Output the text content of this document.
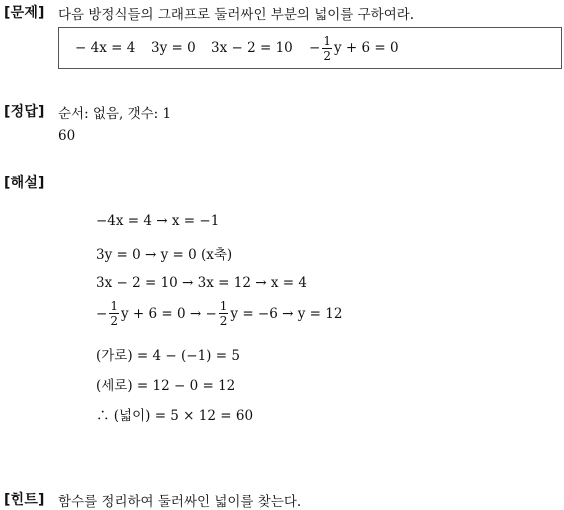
[문제] 다음 방정식들의 그래프로 둘러싸인 부분의 넓이를 구하여라.
− 4x = 4 3y = 0 $3x - 2 = 10 - \frac{1}{2}$ y + 6 = 0
[정답] 순서: 없음, 갯수: 1
60
[해설]
−4x = 4 → x = −1
3y = 0 → y = 0 (x축)
3x − 2 = 10 → 3x = 12 → x = 4
− $\frac{1}{2}$ y + 6 = 0 → − $\frac{1}{2}$ y = −6 → y = 12
(가로) = 4 − (−1) = 5
(세로) = 12 − 0 = 12
∴ (넓이) = 5 × 12 = 60
[힌트] 함수를 정리하여 둘러싸인 넓이를 찾는다.
